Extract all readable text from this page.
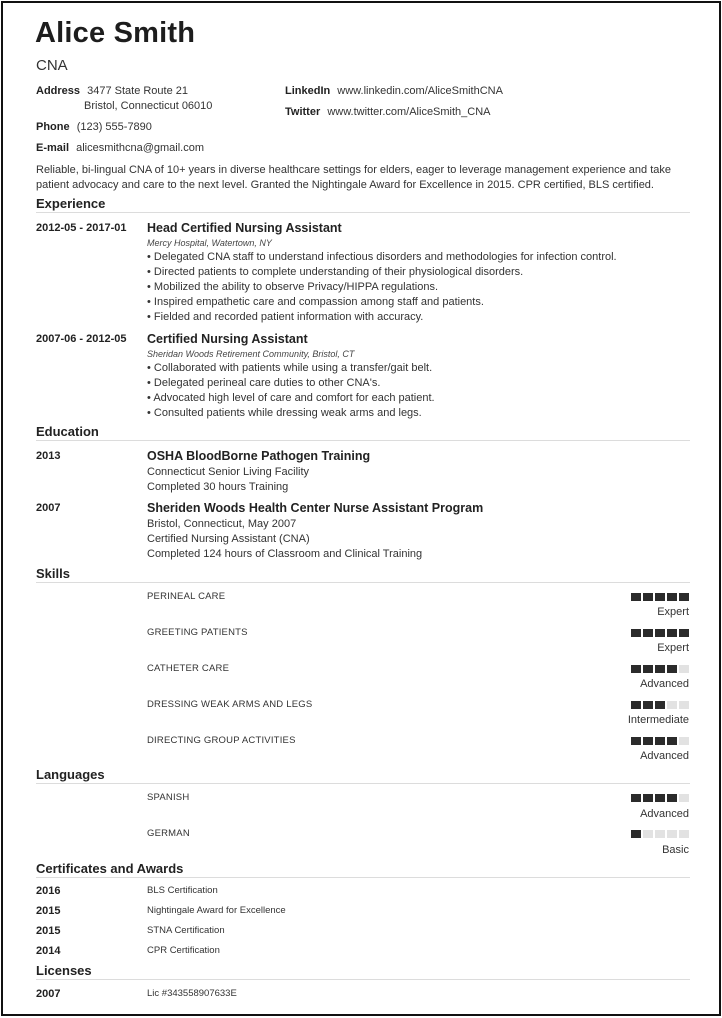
Alice Smith
CNA
Address 3477 State Route 21
Bristol, Connecticut 06010
LinkedIn www.linkedin.com/AliceSmithCNA
Twitter www.twitter.com/AliceSmith_CNA
Phone (123) 555-7890
E-mail alicesmithcna@gmail.com
Reliable, bi-lingual CNA of 10+ years in diverse healthcare settings for elders, eager to leverage management experience and take
patient advocacy and care to the next level. Granted the Nightingale Award for Excellence in 2015. CPR certified, BLS certified.
Experience
2012-05 - 2017-01 Head Certified Nursing Assistant
Mercy Hospital, Watertown, NY
• Delegated CNA staff to understand infectious disorders and methodologies for infection control.
• Directed patients to complete understanding of their physiological disorders.
• Mobilized the ability to observe Privacy/HIPPA regulations.
• Inspired empathetic care and compassion among staff and patients.
• Fielded and recorded patient information with accuracy.
2007-06 - 2012-05 Certified Nursing Assistant
Sheridan Woods Retirement Community, Bristol, CT
• Collaborated with patients while using a transfer/gait belt.
• Delegated perineal care duties to other CNA's.
• Advocated high level of care and comfort for each patient.
• Consulted patients while dressing weak arms and legs.
Education
2013	OSHA BloodBorne Pathogen Training
Connecticut Senior Living Facility
Completed 30 hours Training
2007	Sheriden Woods Health Center Nurse Assistant Program
Bristol, Connecticut, May 2007
Certified Nursing Assistant (CNA)
Completed 124 hours of Classroom and Clinical Training
Skills
PERINEAL CARE
Expert
GREETING PATIENTS
Expert
CATHETER CARE
Advanced
DRESSING WEAK ARMS AND LEGS
Intermediate
DIRECTING GROUP ACTIVITIES
Advanced
Languages
SPANISH
Advanced
GERMAN
Basic
Certificates and Awards
2016	BLS Certification
2015	Nightingale Award for Excellence
2015	STNA Certification
2014	CPR Certification
Licenses
2007	Lic #343558907633E
